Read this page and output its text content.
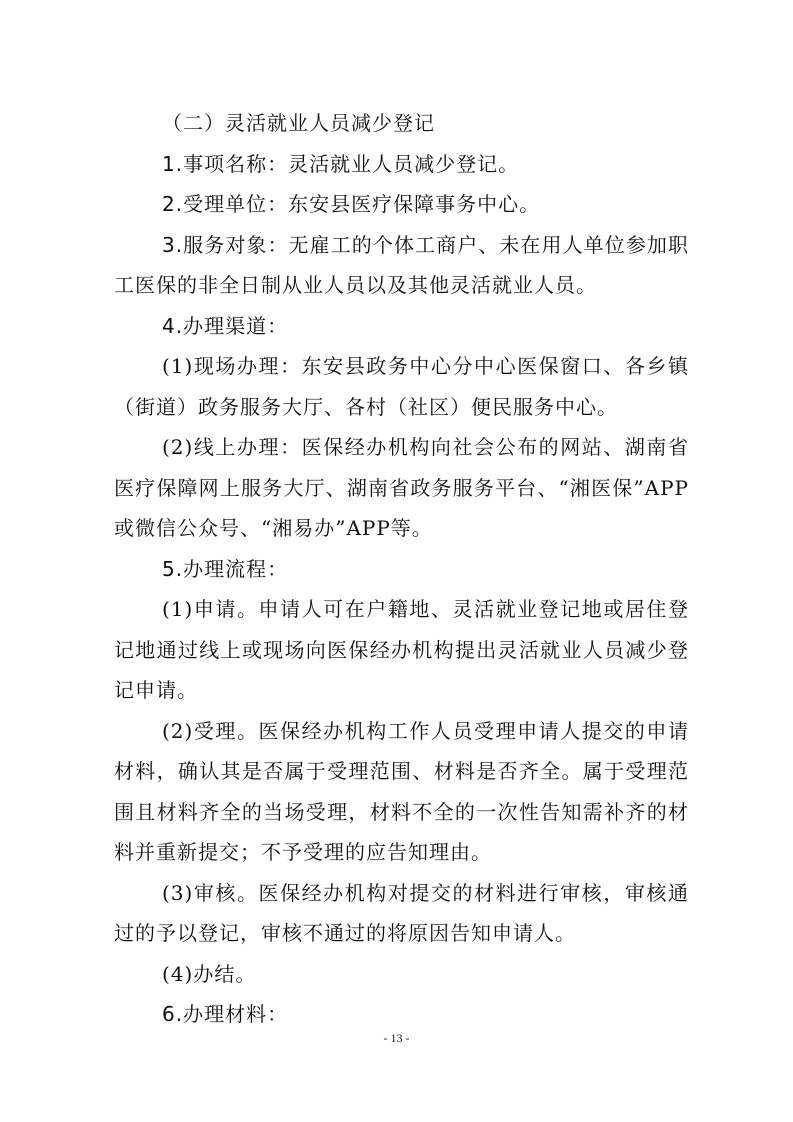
（二）灵活就业人员减少登记

1.事项名称：灵活就业人员减少登记。

2.受理单位：东安县医疗保障事务中心。

3.服务对象：无雇工的个体工商户、未在用人单位参加职工医保的非全日制从业人员以及其他灵活就业人员。

4.办理渠道：

(1)现场办理：东安县政务中心分中心医保窗口、各乡镇（街道）政务服务大厅、各村（社区）便民服务中心。

(2)线上办理：医保经办机构向社会公布的网站、湖南省医疗保障网上服务大厅、湖南省政务服务平台、“湘医保”APP或微信公众号、“湘易办”APP等。

5.办理流程：

(1)申请。申请人可在户籍地、灵活就业登记地或居住登记地通过线上或现场向医保经办机构提出灵活就业人员减少登记申请。

(2)受理。医保经办机构工作人员受理申请人提交的申请材料，确认其是否属于受理范围、材料是否齐全。属于受理范围且材料齐全的当场受理，材料不全的一次性告知需补齐的材料并重新提交；不予受理的应告知理由。

(3)审核。医保经办机构对提交的材料进行审核，审核通过的予以登记，审核不通过的将原因告知申请人。

(4)办结。

6.办理材料：

- 13 -
